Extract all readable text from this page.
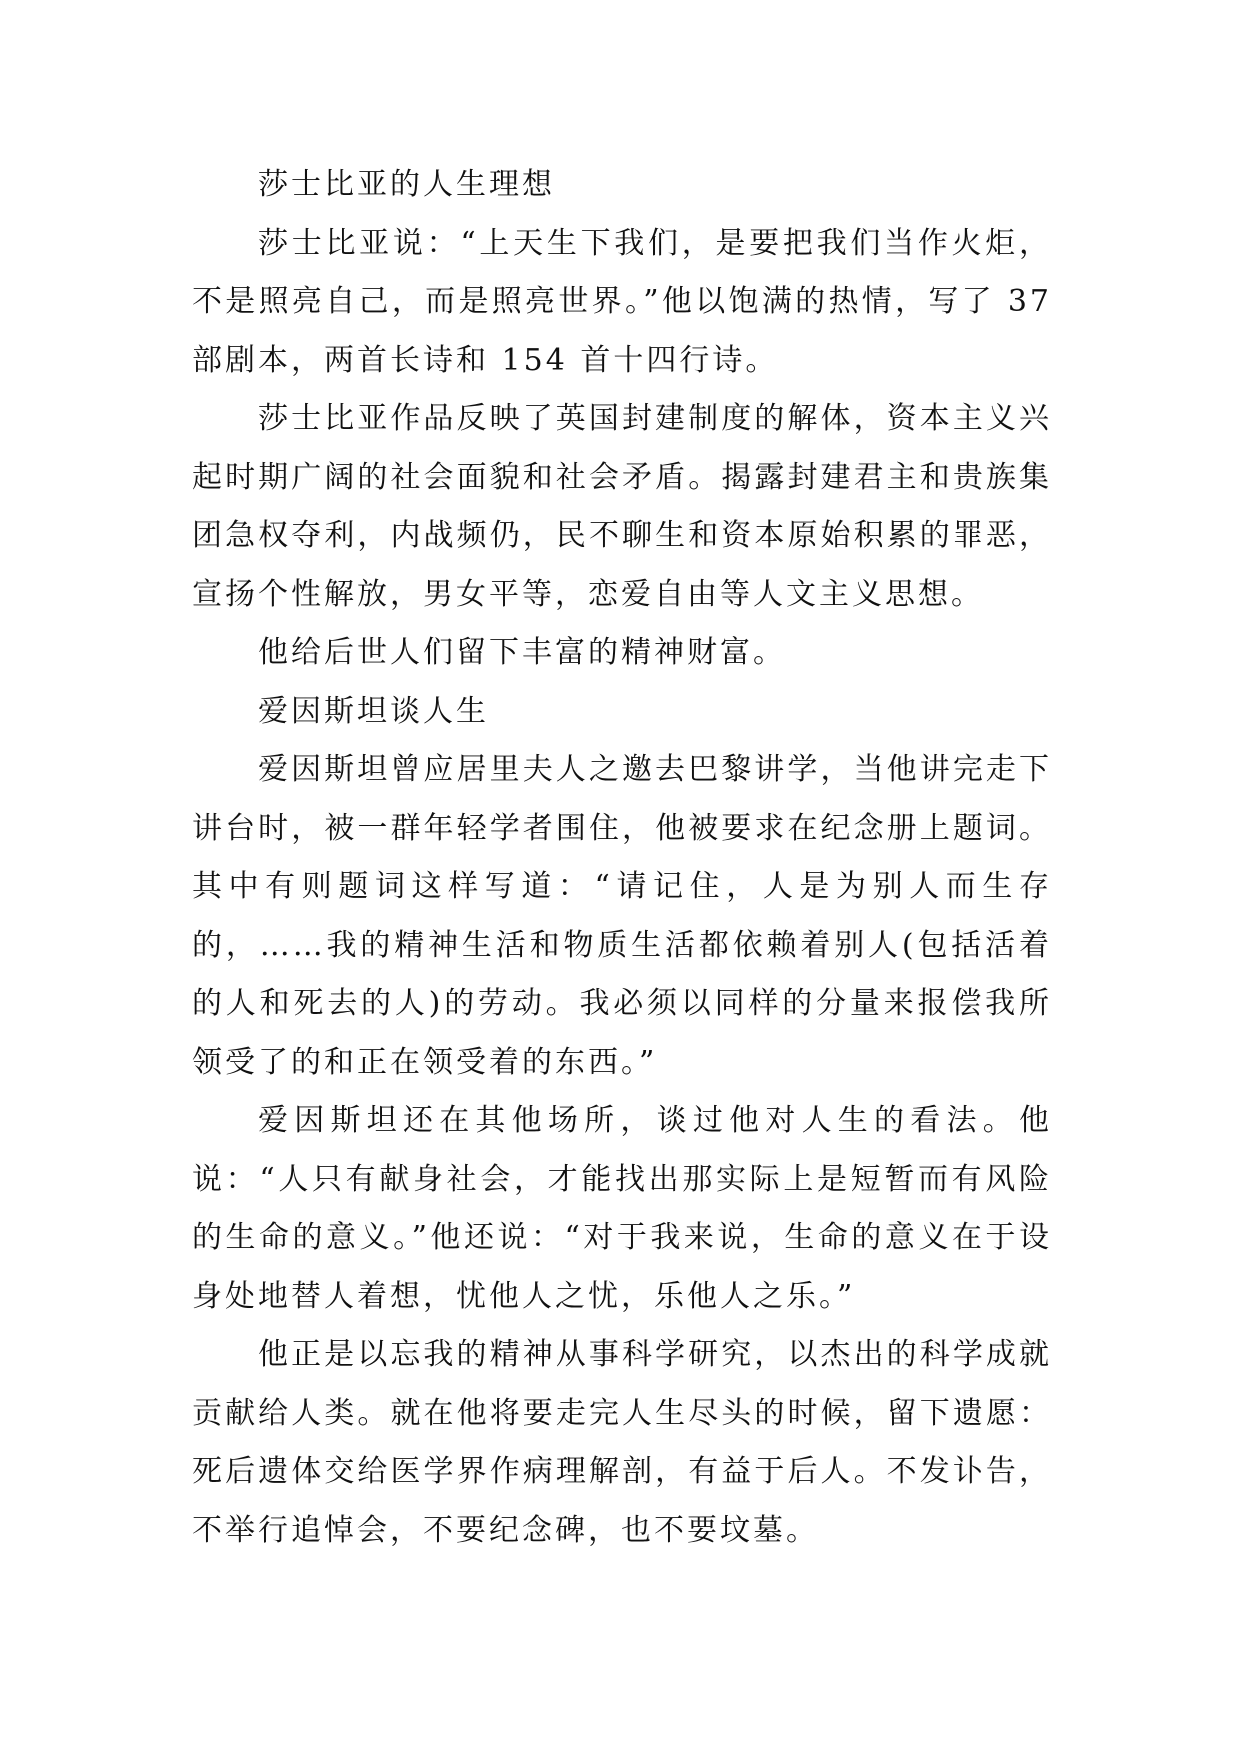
莎士比亚的人生理想

莎士比亚说：“上天生下我们，是要把我们当作火炬，不是照亮自己，而是照亮世界。”他以饱满的热情，写了 37 部剧本，两首长诗和 154 首十四行诗。

莎士比亚作品反映了英国封建制度的解体，资本主义兴起时期广阔的社会面貌和社会矛盾。揭露封建君主和贵族集团急权夺利，内战频仍，民不聊生和资本原始积累的罪恶，宣扬个性解放，男女平等，恋爱自由等人文主义思想。

他给后世人们留下丰富的精神财富。

爱因斯坦谈人生

爱因斯坦曾应居里夫人之邀去巴黎讲学，当他讲完走下讲台时，被一群年轻学者围住，他被要求在纪念册上题词。其中有则题词这样写道：“请记住，人是为别人而生存的，……我的精神生活和物质生活都依赖着别人(包括活着的人和死去的人)的劳动。我必须以同样的分量来报偿我所领受了的和正在领受着的东西。”

爱因斯坦还在其他场所，谈过他对人生的看法。他说：“人只有献身社会，才能找出那实际上是短暂而有风险的生命的意义。”他还说：“对于我来说，生命的意义在于设身处地替人着想，忧他人之忧，乐他人之乐。”

他正是以忘我的精神从事科学研究，以杰出的科学成就贡献给人类。就在他将要走完人生尽头的时候，留下遗愿：死后遗体交给医学界作病理解剖，有益于后人。不发讣告，不举行追悼会，不要纪念碑，也不要坟墓。
